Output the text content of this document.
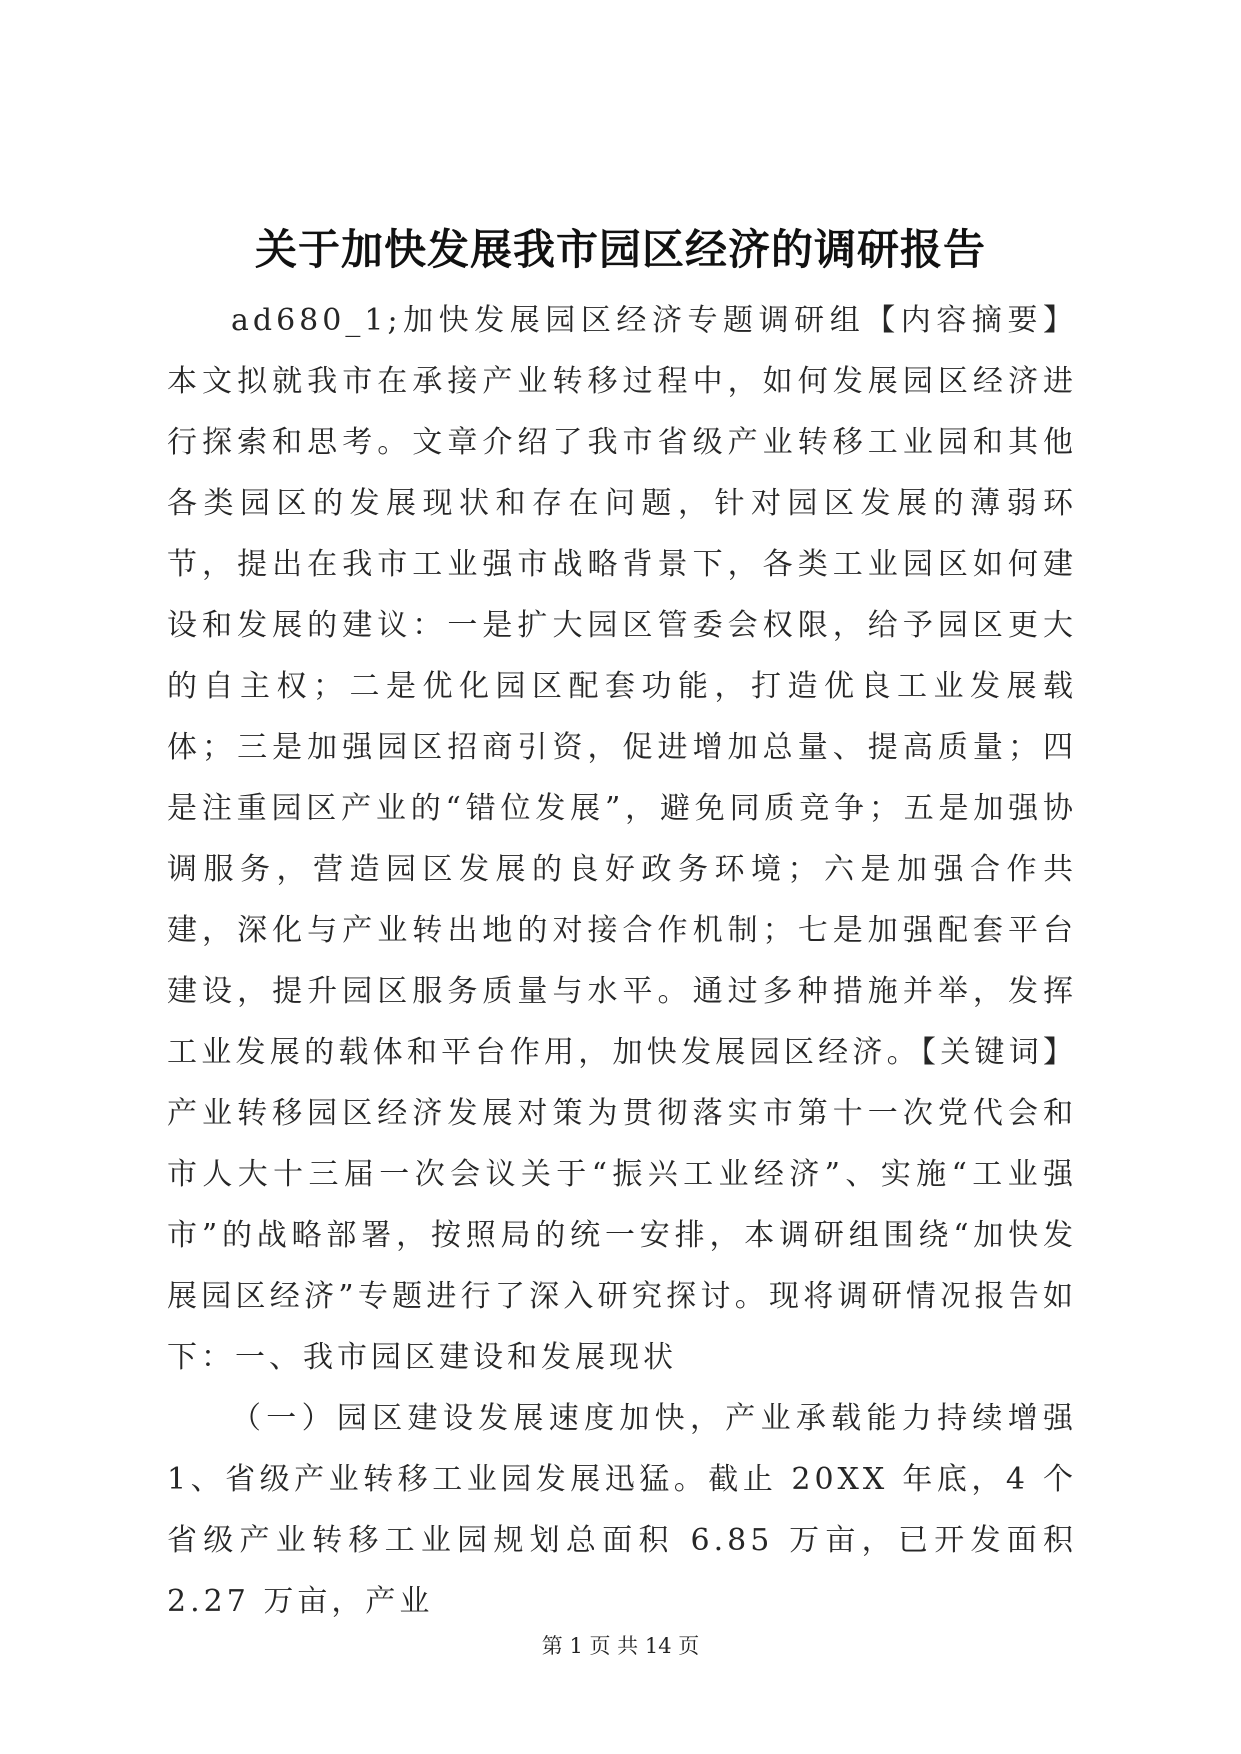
关于加快发展我市园区经济的调研报告

ad680_1;加快发展园区经济专题调研组【内容摘要】本文拟就我市在承接产业转移过程中，如何发展园区经济进行探索和思考。文章介绍了我市省级产业转移工业园和其他各类园区的发展现状和存在问题，针对园区发展的薄弱环节，提出在我市工业强市战略背景下，各类工业园区如何建设和发展的建议：一是扩大园区管委会权限，给予园区更大的自主权；二是优化园区配套功能，打造优良工业发展载体；三是加强园区招商引资，促进增加总量、提高质量；四是注重园区产业的“错位发展”，避免同质竞争；五是加强协调服务，营造园区发展的良好政务环境；六是加强合作共建，深化与产业转出地的对接合作机制；七是加强配套平台建设，提升园区服务质量与水平。通过多种措施并举，发挥工业发展的载体和平台作用，加快发展园区经济。【关键词】产业转移园区经济发展对策为贯彻落实市第十一次党代会和市人大十三届一次会议关于“振兴工业经济”、实施“工业强市”的战略部署，按照局的统一安排，本调研组围绕“加快发展园区经济”专题进行了深入研究探讨。现将调研情况报告如下：一、我市园区建设和发展现状

（一）园区建设发展速度加快，产业承载能力持续增强 1、省级产业转移工业园发展迅猛。截止 20XX 年底，4 个省级产业转移工业园规划总面积 6.85 万亩，已开发面积 2.27 万亩，产业

第 1 页 共 14 页
